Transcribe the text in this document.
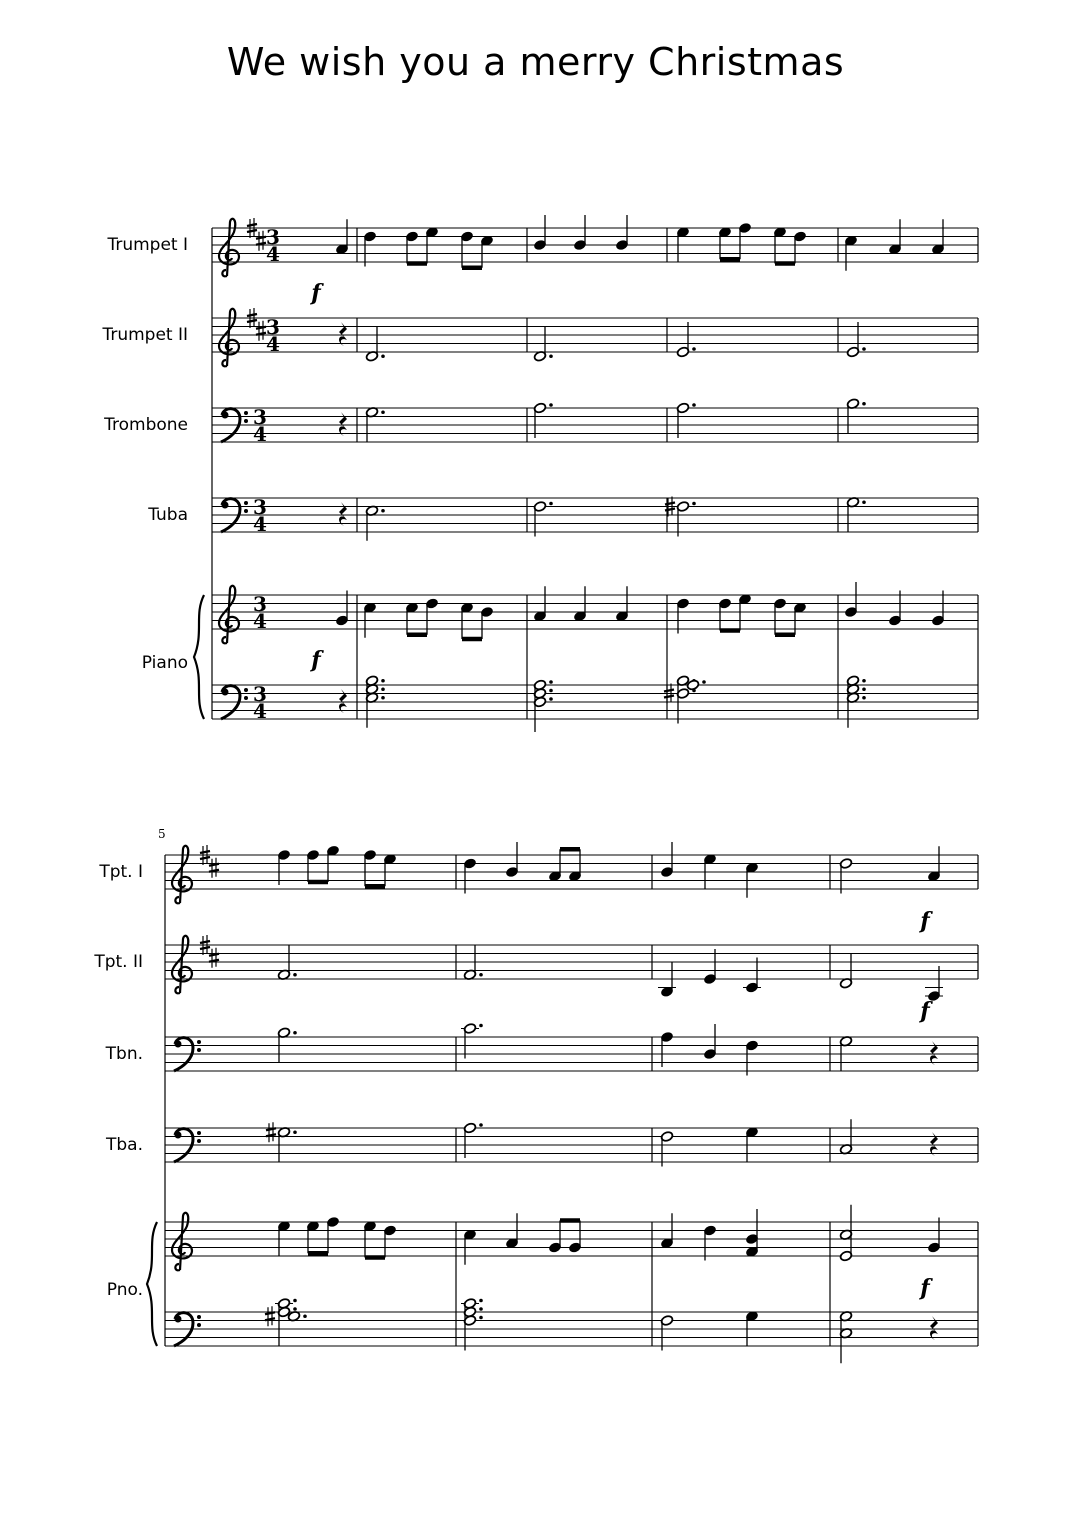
We wish you a merry Christmas
Trumpet I
Trumpet II
Trombone
Tuba
Piano
3
4
3
4
3
4
3
4
3
4
3
4
f
f
Tpt. I
Tpt. II
Tbn.
Tba.
Pno.
5
f
f
f
